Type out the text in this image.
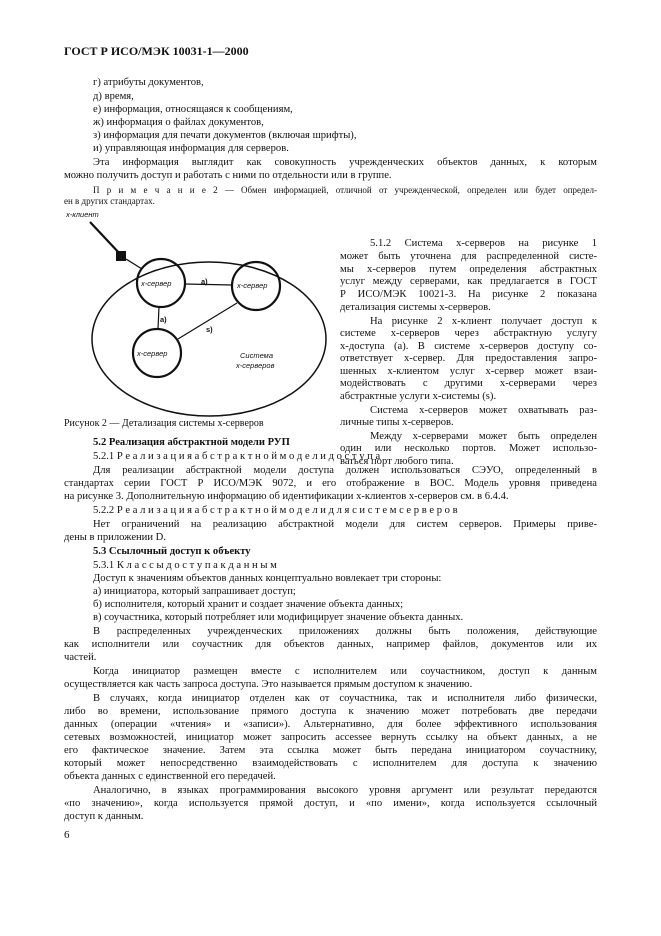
ГОСТ Р ИСО/МЭК 10031-1—2000
г) атрибуты документов,
д) время,
е) информация, относящаяся к сообщениям,
ж) информация о файлах документов,
з) информация для печати документов (включая шрифты),
и) управляющая информация для серверов.
Эта информация выглядит как совокупность учрежденческих объектов данных, к которым
можно получить доступ и работать с ними по отдельности или в группе.
П р и м е ч а н и е 2 — Обмен информацией, отличной от учрежденческой, определен или будет определ-
ен в других стандартах.
x-клиент
x-сервер	x-сервер
x-сервер
а)
а)
s)
Система
x-серверов
Рисунок 2 — Детализация системы x-серверов
5.1.2 Система x-серверов на рисунке 1
может быть уточнена для распределенной систе-
мы x-серверов путем определения абстрактных
услуг между серверами, как предлагается в ГОСТ
Р ИСО/МЭК 10021-3. На рисунке 2 показана
детализация системы x-серверов.
На рисунке 2 x-клиент получает доступ к
системе x-серверов через абстрактную услугу
x-доступа (а). В системе x-серверов доступу со-
ответствует x-сервер. Для предоставления запро-
шенных x-клиентом услуг x-сервер может взаи-
модействовать с другими x-серверами через
абстрактные услуги x-системы (s).
Система x-серверов может охватывать раз-
личные типы x-серверов.
Между x-серверами может быть определен
один или несколько портов. Может использо-
ваться порт любого типа.
5.2 Реализация абстрактной модели РУП
5.2.1 Р е а л и з а ц и я а б с т р а к т н о й м о д е л и д о с т у п а
Для реализации абстрактной модели доступа должен использоваться СЭУО, определенный в
стандартах серии ГОСТ Р ИСО/МЭК 9072, и его отображение в ВОС. Модель уровня приведена
на рисунке 3. Дополнительную информацию об идентификации x-клиентов x-серверов см. в 6.4.4.
5.2.2 Р е а л и з а ц и я а б с т р а к т н о й м о д е л и д л я с и с т е м с е р в е р о в
Нет ограничений на реализацию абстрактной модели для систем серверов. Примеры приве-
дены в приложении D.
5.3 Ссылочный доступ к объекту
5.3.1 К л а с с ы д о с т у п а к д а н н ы м
Доступ к значениям объектов данных концептуально вовлекает три стороны:
а) инициатора, который запрашивает доступ;
б) исполнителя, который хранит и создает значение объекта данных;
в) соучастника, который потребляет или модифицирует значение объекта данных.
В распределенных учрежденческих приложениях должны быть положения, действующие
как исполнители или соучастник для объектов данных, например файлов, документов или их
частей.
Когда инициатор размещен вместе с исполнителем или соучастником, доступ к данным
осуществляется как часть запроса доступа. Это называется прямым доступом к значению.
В случаях, когда инициатор отделен как от соучастника, так и исполнителя либо физически,
либо во времени, использование прямого доступа к значению может потребовать две передачи
данных (операции «чтения» и «записи»). Альтернативно, для более эффективного использования
сетевых возможностей, инициатор может запросить accessee вернуть ссылку на объект данных, а не
его фактическое значение. Затем эта ссылка может быть передана инициатором соучастнику,
который может непосредственно взаимодействовать с исполнителем для доступа к значению
объекта данных с единственной его передачей.
Аналогично, в языках программирования высокого уровня аргумент или результат передаются
«по значению», когда используется прямой доступ, и «по имени», когда используется ссылочный
доступ к данным.
6
